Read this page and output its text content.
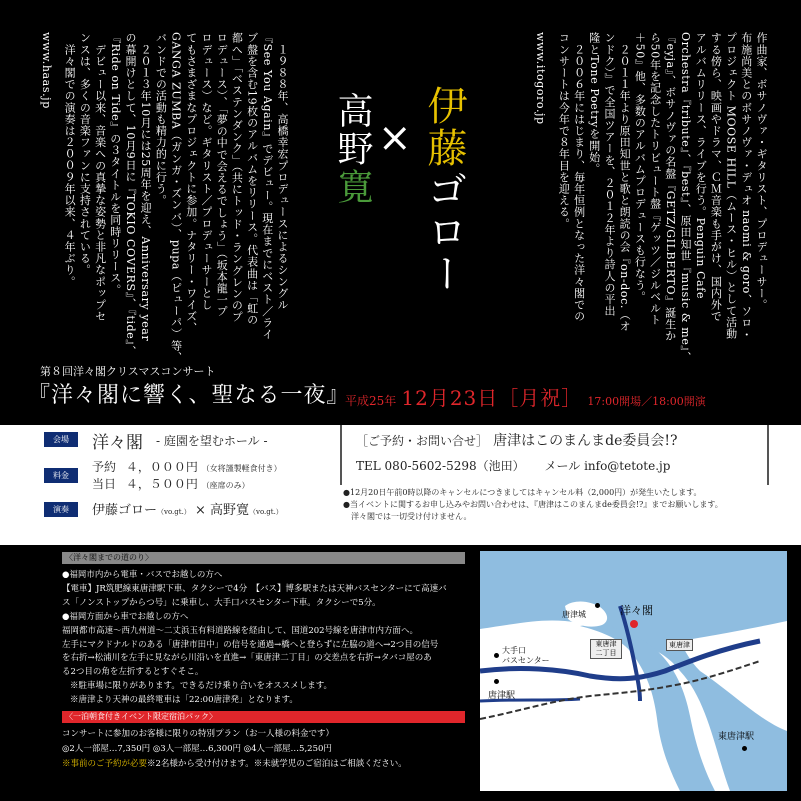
作曲家、ボサノヴァ・ギタリスト、プロデューサー。
布施尚美とのボサノヴァ・デュオ naomi & goro、ソロ・
プロジェクト MOOSE HILL（ムース・ヒル）として活動
する傍ら、映画やドラマ、ＣＭ音楽も手がけ、国内外で
アルバムリリース、ライブを行う。Penguin Cafe
Orchestra『tribute』、『best』、原田知世『music & me』、
『eyja』、ボサノヴァの名盤『GETZ/GILBERTO』誕生か
ら50年を記念したトリビュート盤『ゲッツ／ジルベルト
＋50』他、多数のアルバムプロデュースも行なう。
　２０１１年より原田知世と歌と朗読の会『on-doc.（オ
ンドク）』で全国ツアーを、２０１２年より詩人の平出
隆とTone Poetryを開始。
　２００６年にはじまり、毎年恒例となった洋々閣での
コンサートは今年で８年目を迎える。
www.itogoro.jp
伊藤ゴロー
×
高野寛
　１９８８年、高橋幸宏プロデュースによるシングル
『See You Again』でデビュー。現在までにベスト／ライ
ブ盤を含む19枚のアルバムをリリース。代表曲は「虹の
都へ」「ベステンダンク」（共にトッド・ラングレンのプ
ロデュース）、「夢の中で会えるでしょう」（坂本龍一プ
ロデュース）など。ギタリスト／プロデューサーとし
てもさまざまなプロジェクトに参加。ナタリー・ワイズ、
GANGA ZUMBA（ガンガ・ズンバ）、pupa（ピューパ）等、
バンドでの活動も精力的に行う。
　２０１３年10月には25周年を迎え、Anniversary year
の幕開けとして、10月9日に『TOKIO COVERS』、『tide』、
『Ride on Tide』の３タイトルを同時リリース。
　デビュー以来、音楽への真摯な姿勢と非凡なポップセ
ンスは、多くの音楽ファンに支持されている。
　洋々閣での演奏は２００９年以来、４年ぶり。
www.haas.jp
第８回洋々閣クリスマスコンサート
『洋々閣に響く、聖なる一夜』
平成25年 12月23日［月祝］ 17:00開場／18:00開演
会場	洋々閣 - 庭園を望むホール -
料金
予約 ４，０００円 （女将謹製軽食付き）
当日 ４，５００円 （座席のみ）
演奏	伊藤ゴロー（vo.gt.） × 高野寛（vo.gt.）
［ご予約・お問い合せ］ 唐津はこのまんまde委員会!?
TEL 080-5602-5298（池田） メール info@tetote.jp
●12月20日午前0時以降のキャンセルにつきましてはキャンセル料（2,000円）が発生いたします。
●当イベントに関するお申し込みやお問い合わせは、『唐津はこのまんまde委員会!?』までお願いします。
洋々閣では一切受け付けません。
〈洋々閣までの道のり〉
●福岡市内から電車・バスでお越しの方へ
【電車】JR筑肥線東唐津駅下車、タクシーで4分　【バス】博多駅または天神バスセンターにて高速バ
ス「ノンストップからつ号」に乗車し、大手口バスセンター下車。タクシーで5分。
●福岡方面から車でお越しの方へ
福岡都市高速～西九州道～二丈浜玉有料道路線を経由して、国道202号線を唐津市内方面へ。
左手にマクドナルドのある「唐津市田中」の信号を通過→橋へと登らずに左脇の道へ→2つ目の信号
を右折→松浦川を左手に見ながら川沿いを直進→「東唐津二丁目」の交差点を右折→タバコ屋のあ
る2つ目の角を左折するとすぐそこ。
※駐車場に限りがあります。できるだけ乗り合いをオススメします。
※唐津より天神の最終電車は「22:00唐津発」となります。
〈一泊朝食付きイベント限定宿泊パック〉
コンサートに参加のお客様に限りの特別プラン（お一人様の料金です）
◎2人一部屋…7,350円 ◎3人一部屋…6,300円 ◎4人一部屋…5,250円
※事前のご予約が必要※2名様から受け付けます。※未就学児のご宿泊はご相談ください。
洋々閣
唐津城
東唐津
二丁目
東唐津
大手口
バスセンター
唐津駅
東唐津駅
